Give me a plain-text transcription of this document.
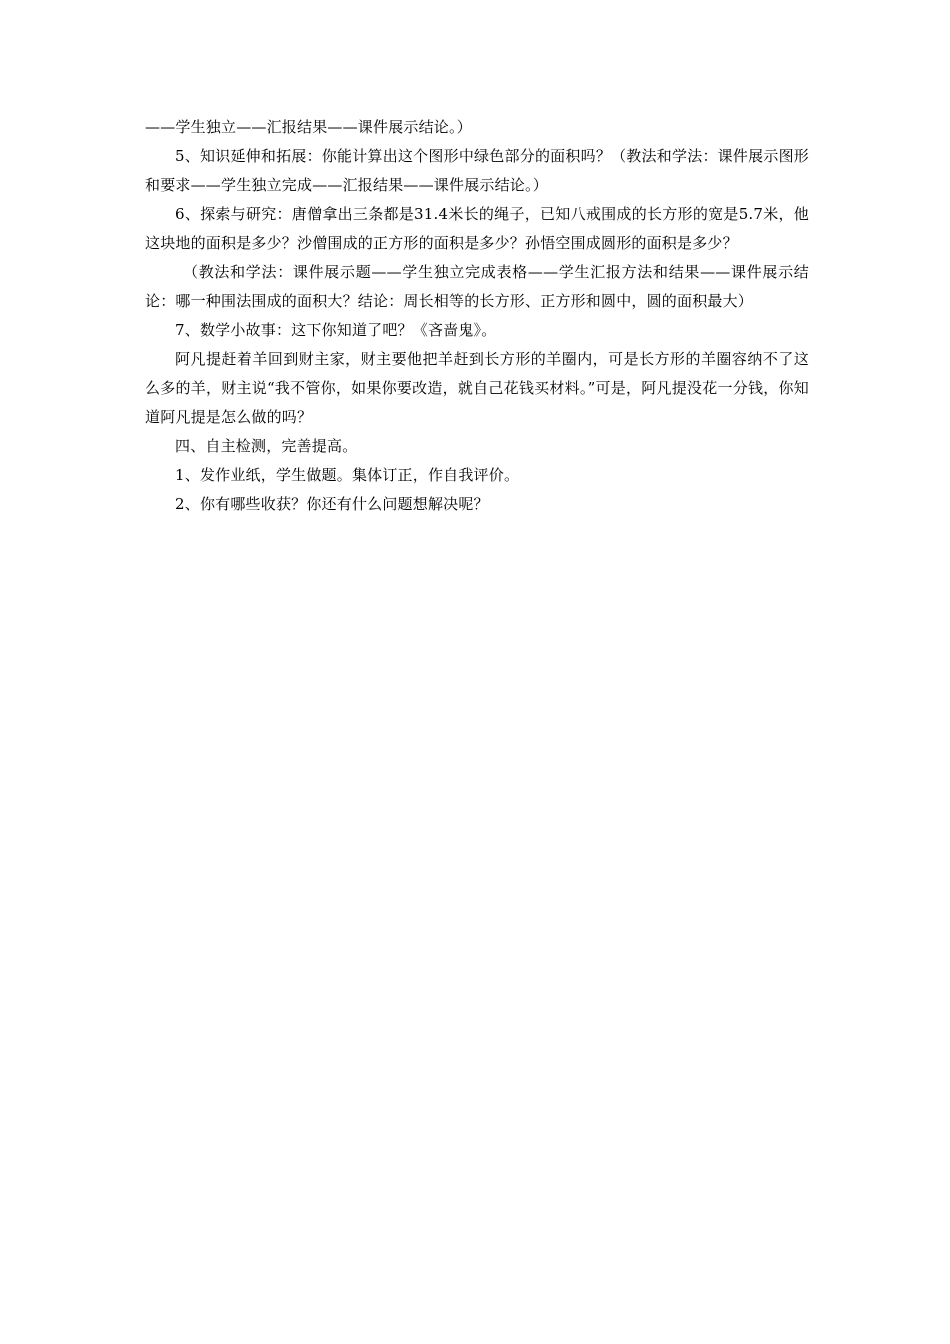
——学生独立——汇报结果——课件展示结论。）

5、知识延伸和拓展：你能计算出这个图形中绿色部分的面积吗？（教法和学法：课件展示图形和要求——学生独立完成——汇报结果——课件展示结论。）

6、探索与研究：唐僧拿出三条都是31.4米长的绳子，已知八戒围成的长方形的宽是5.7米，他这块地的面积是多少？沙僧围成的正方形的面积是多少？孙悟空围成圆形的面积是多少？

（教法和学法：课件展示题——学生独立完成表格——学生汇报方法和结果——课件展示结论：哪一种围法围成的面积大？结论：周长相等的长方形、正方形和圆中，圆的面积最大）

7、数学小故事：这下你知道了吧？《吝啬鬼》。

阿凡提赶着羊回到财主家，财主要他把羊赶到长方形的羊圈内，可是长方形的羊圈容纳不了这么多的羊，财主说“我不管你，如果你要改造，就自己花钱买材料。”可是，阿凡提没花一分钱，你知道阿凡提是怎么做的吗？

四、自主检测，完善提高。

1、发作业纸，学生做题。集体订正，作自我评价。

2、你有哪些收获？你还有什么问题想解决呢？
